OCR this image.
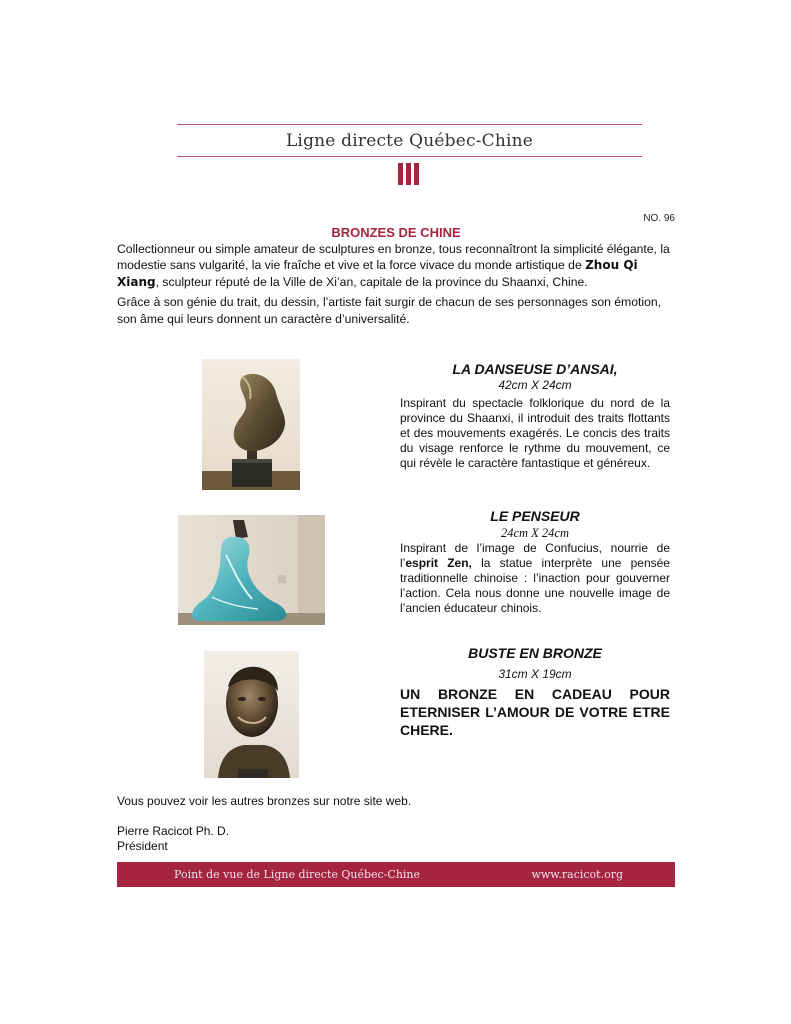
Ligne directe Québec-Chine
NO. 96
BRONZES DE CHINE

Collectionneur ou simple amateur de sculptures en bronze, tous reconnaîtront la simplicité élégante, la modestie sans vulgarité, la vie fraîche et vive et la force vivace du monde artistique de Zhou Qi Xiang, sculpteur réputé de la Ville de Xi’an, capitale de la province du Shaanxi, Chine.

Grâce à son génie du trait, du dessin, l’artiste fait surgir de chacun de ses personnages son émotion, son âme qui leurs donnent un caractère d’universalité.

LA DANSEUSE D’ANSAI,
42cm X 24cm
Inspirant du spectacle folklorique du nord de la province du Shaanxi, il introduit des traits flottants et des mouvements exagérés. Le concis des traits du visage renforce le rythme du mouvement, ce qui révèle le caractère fantastique et généreux.
LE PENSEUR
24cm X 24cm
Inspirant de l’image de Confucius, nourrie de l’esprit Zen, la statue interprète une pensée traditionnelle chinoise : l’inaction pour gouverner l’action. Cela nous donne une nouvelle image de l’ancien éducateur chinois.
BUSTE EN BRONZE
31cm X 19cm
UN BRONZE EN CADEAU POUR ETERNISER L’AMOUR DE VOTRE ETRE CHERE.
Vous pouvez voir les autres bronzes sur notre site web.
Pierre Racicot Ph. D.
Président
Point de vue de Ligne directe Québec-Chine	www.racicot.org
